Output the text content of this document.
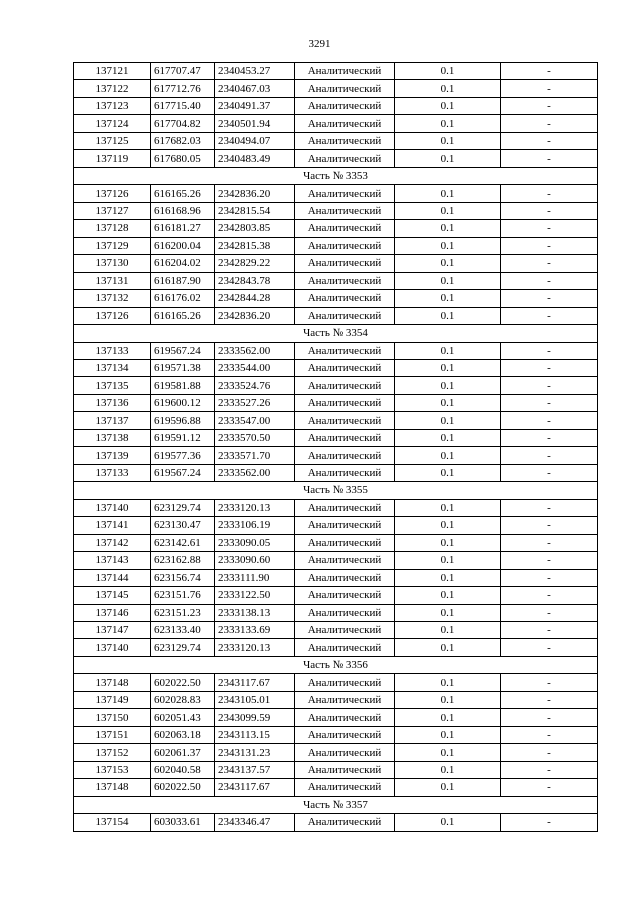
3291
137121	617707.47	2340453.27	Аналитический	0.1	-
137122	617712.76	2340467.03	Аналитический	0.1	-
137123	617715.40	2340491.37	Аналитический	0.1	-
137124	617704.82	2340501.94	Аналитический	0.1	-
137125	617682.03	2340494.07	Аналитический	0.1	-
137119	617680.05	2340483.49	Аналитический	0.1	-
Часть № 3353					
137126	616165.26	2342836.20	Аналитический	0.1	-
137127	616168.96	2342815.54	Аналитический	0.1	-
137128	616181.27	2342803.85	Аналитический	0.1	-
137129	616200.04	2342815.38	Аналитический	0.1	-
137130	616204.02	2342829.22	Аналитический	0.1	-
137131	616187.90	2342843.78	Аналитический	0.1	-
137132	616176.02	2342844.28	Аналитический	0.1	-
137126	616165.26	2342836.20	Аналитический	0.1	-
Часть № 3354					
137133	619567.24	2333562.00	Аналитический	0.1	-
137134	619571.38	2333544.00	Аналитический	0.1	-
137135	619581.88	2333524.76	Аналитический	0.1	-
137136	619600.12	2333527.26	Аналитический	0.1	-
137137	619596.88	2333547.00	Аналитический	0.1	-
137138	619591.12	2333570.50	Аналитический	0.1	-
137139	619577.36	2333571.70	Аналитический	0.1	-
137133	619567.24	2333562.00	Аналитический	0.1	-
Часть № 3355					
137140	623129.74	2333120.13	Аналитический	0.1	-
137141	623130.47	2333106.19	Аналитический	0.1	-
137142	623142.61	2333090.05	Аналитический	0.1	-
137143	623162.88	2333090.60	Аналитический	0.1	-
137144	623156.74	2333111.90	Аналитический	0.1	-
137145	623151.76	2333122.50	Аналитический	0.1	-
137146	623151.23	2333138.13	Аналитический	0.1	-
137147	623133.40	2333133.69	Аналитический	0.1	-
137140	623129.74	2333120.13	Аналитический	0.1	-
Часть № 3356					
137148	602022.50	2343117.67	Аналитический	0.1	-
137149	602028.83	2343105.01	Аналитический	0.1	-
137150	602051.43	2343099.59	Аналитический	0.1	-
137151	602063.18	2343113.15	Аналитический	0.1	-
137152	602061.37	2343131.23	Аналитический	0.1	-
137153	602040.58	2343137.57	Аналитический	0.1	-
137148	602022.50	2343117.67	Аналитический	0.1	-
Часть № 3357					
137154	603033.61	2343346.47	Аналитический	0.1	-
